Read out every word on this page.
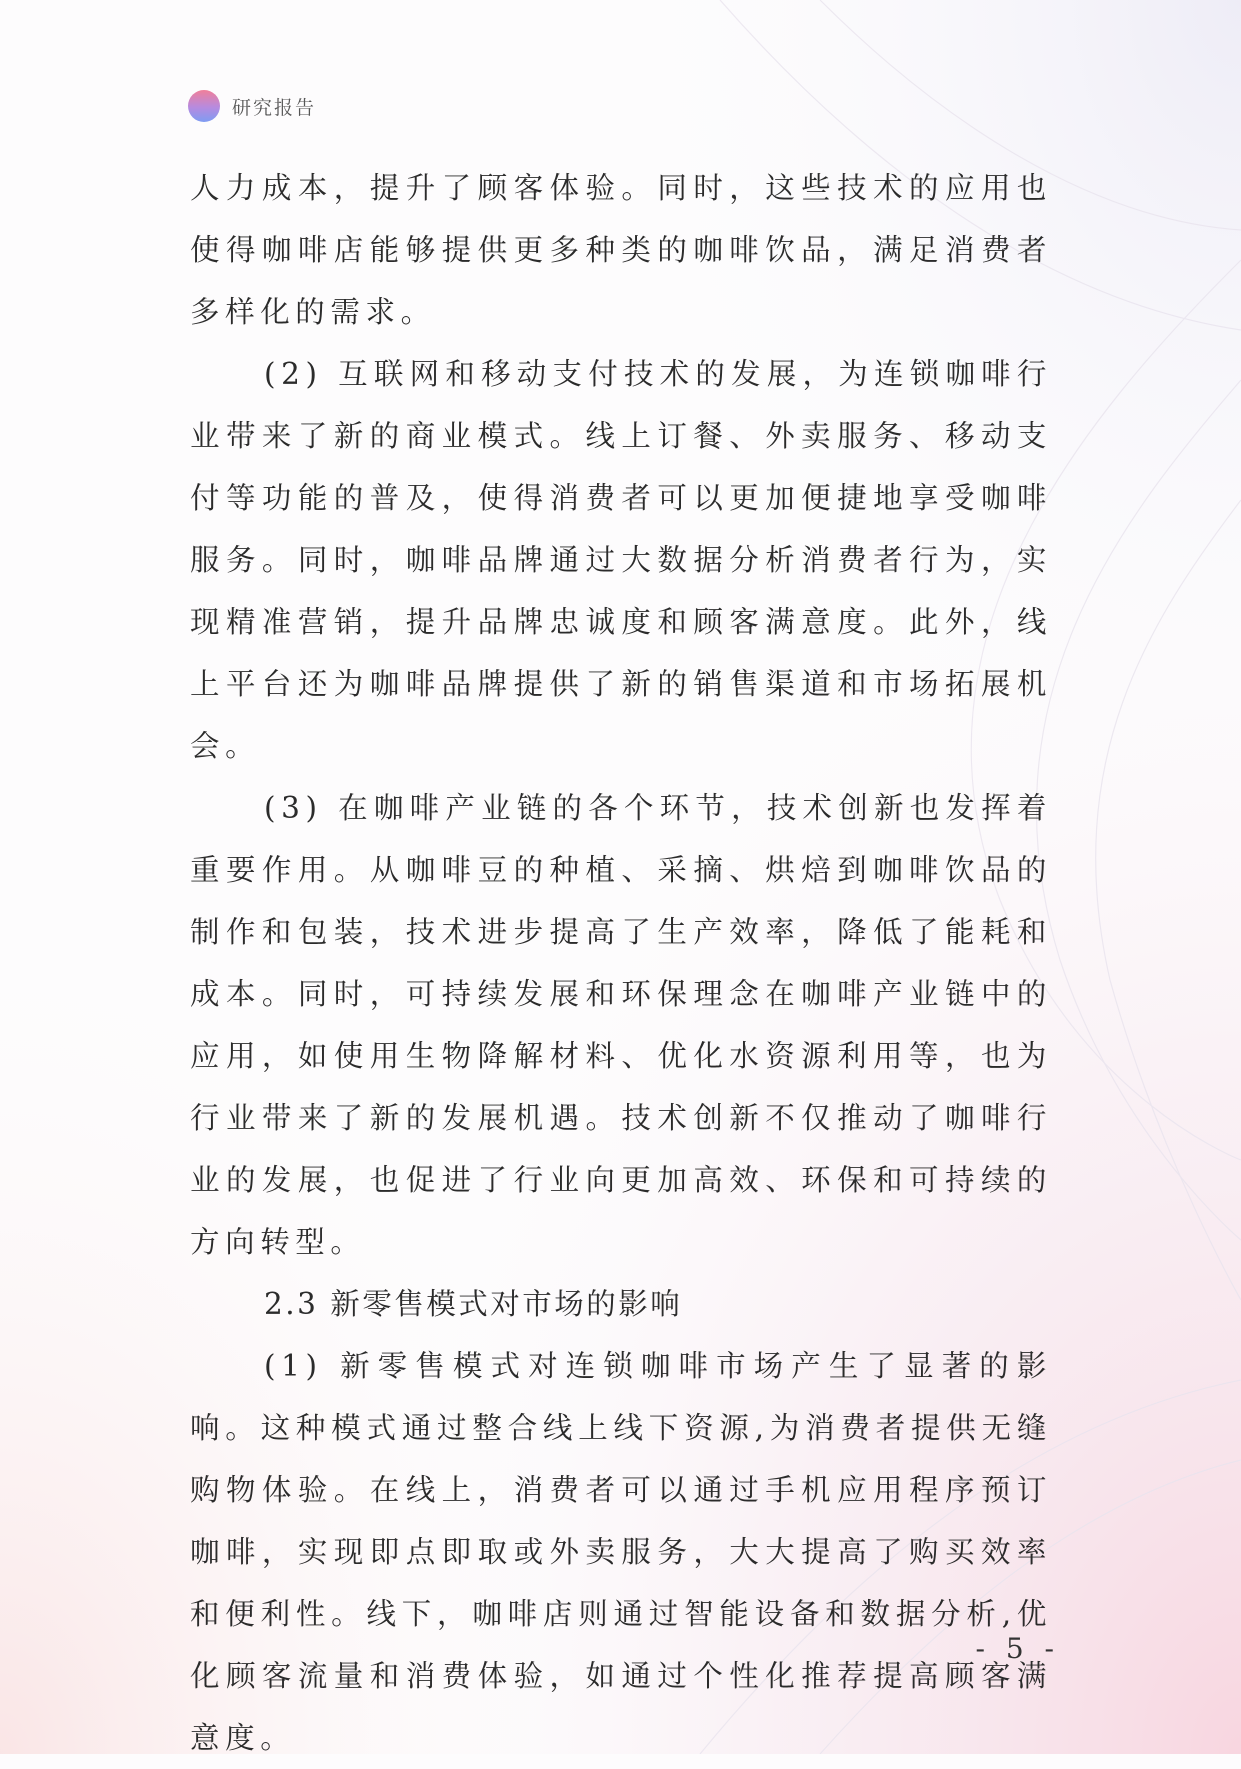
研究报告

人力成本，提升了顾客体验。同时，这些技术的应用也使得咖啡店能够提供更多种类的咖啡饮品，满足消费者多样化的需求。

(2) 互联网和移动支付技术的发展，为连锁咖啡行业带来了新的商业模式。线上订餐、外卖服务、移动支付等功能的普及，使得消费者可以更加便捷地享受咖啡服务。同时，咖啡品牌通过大数据分析消费者行为，实现精准营销，提升品牌忠诚度和顾客满意度。此外，线上平台还为咖啡品牌提供了新的销售渠道和市场拓展机会。

(3) 在咖啡产业链的各个环节，技术创新也发挥着重要作用。从咖啡豆的种植、采摘、烘焙到咖啡饮品的制作和包装，技术进步提高了生产效率，降低了能耗和成本。同时，可持续发展和环保理念在咖啡产业链中的应用，如使用生物降解材料、优化水资源利用等，也为行业带来了新的发展机遇。技术创新不仅推动了咖啡行业的发展，也促进了行业向更加高效、环保和可持续的方向转型。

2.3 新零售模式对市场的影响

(1) 新零售模式对连锁咖啡市场产生了显著的影响。这种模式通过整合线上线下资源,为消费者提供无缝购物体验。在线上，消费者可以通过手机应用程序预订咖啡，实现即点即取或外卖服务，大大提高了购买效率和便利性。线下，咖啡店则通过智能设备和数据分析,优化顾客流量和消费体验，如通过个性化推荐提高顾客满意度。

- 5 -
